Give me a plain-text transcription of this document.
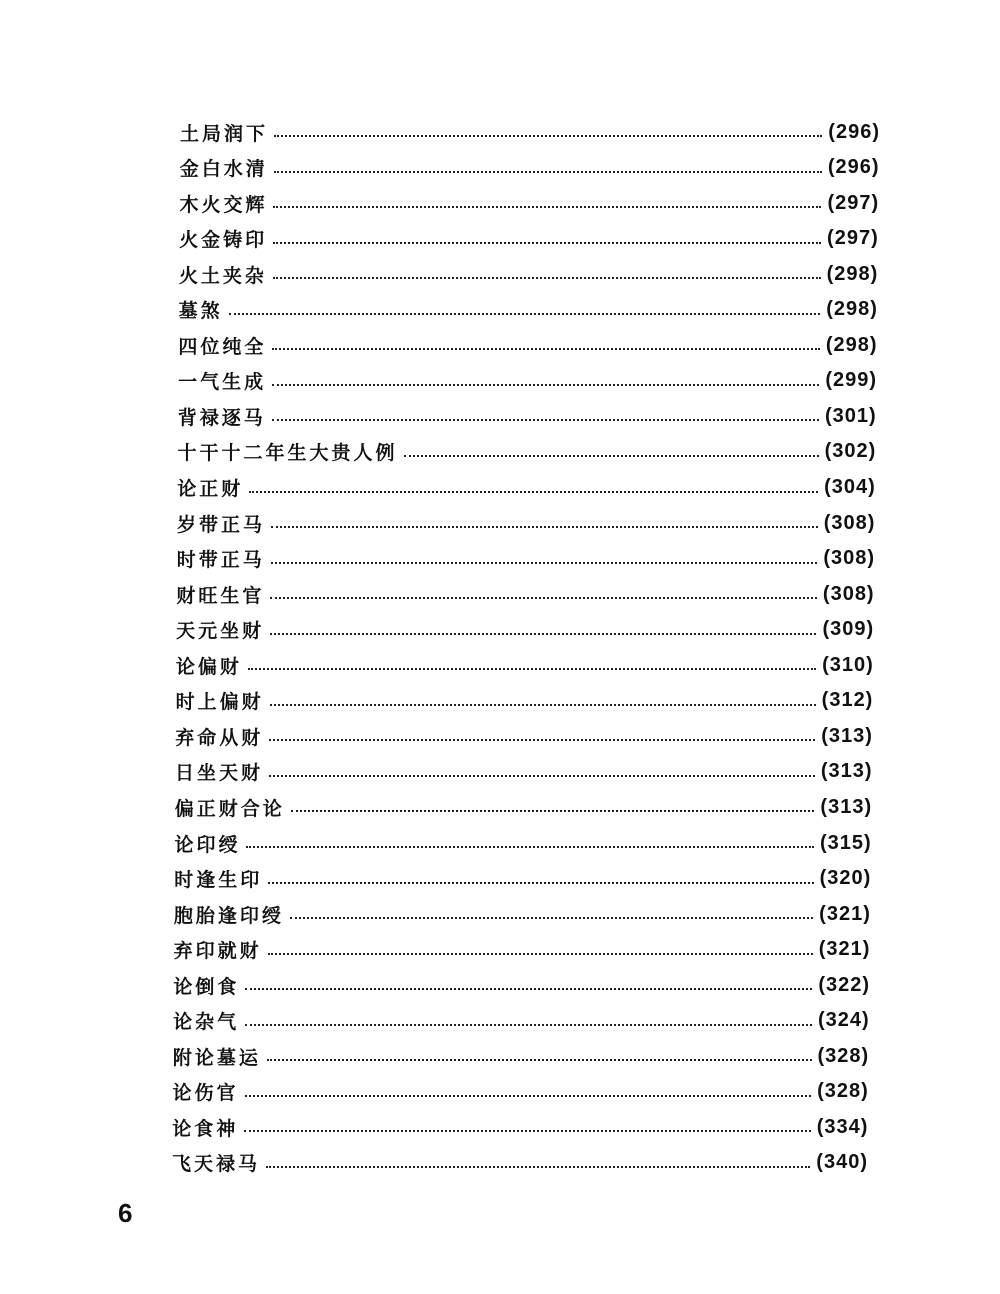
土局润下	(296)
金白水清	(296)
木火交辉	(297)
火金铸印	(297)
火土夹杂	(298)
墓煞	(298)
四位纯全	(298)
一气生成	(299)
背禄逐马	(301)
十干十二年生大贵人例	(302)
论正财	(304)
岁带正马	(308)
时带正马	(308)
财旺生官	(308)
天元坐财	(309)
论偏财	(310)
时上偏财	(312)
弃命从财	(313)
日坐天财	(313)
偏正财合论	(313)
论印绶	(315)
时逢生印	(320)
胞胎逢印绶	(321)
弃印就财	(321)
论倒食	(322)
论杂气	(324)
附论墓运	(328)
论伤官	(328)
论食神	(334)
飞天禄马	(340)
6
